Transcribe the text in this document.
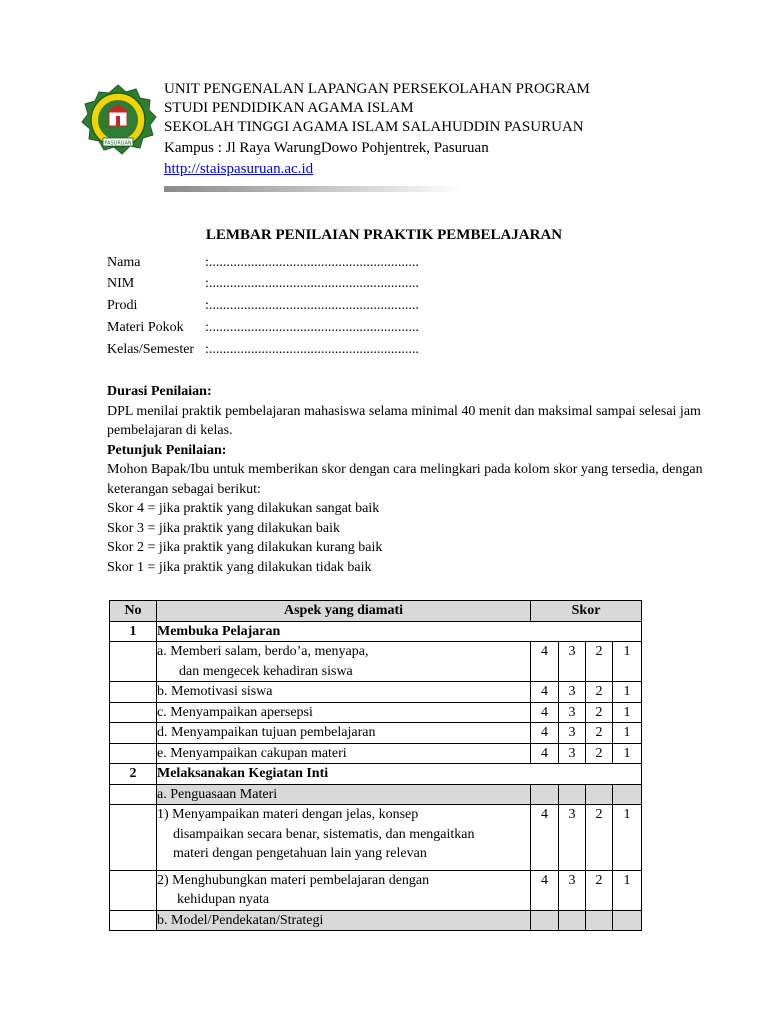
PASURUAN
UNIT PENGENALAN LAPANGAN PERSEKOLAHAN PROGRAM
STUDI PENDIDIKAN AGAMA ISLAM
SEKOLAH TINGGI AGAMA ISLAM SALAHUDDIN PASURUAN
Kampus : Jl Raya WarungDowo Pohjentrek, Pasuruan
http://staispasuruan.ac.id
LEMBAR PENILAIAN PRAKTIK PEMBELAJARAN
Nama	:............................................................
NIM	:............................................................
Prodi	:............................................................
Materi Pokok :............................................................
Kelas/Semester :............................................................
Durasi Penilaian:
DPL menilai praktik pembelajaran mahasiswa selama minimal 40 menit dan maksimal sampai selesai jam pembelajaran di kelas.
Petunjuk Penilaian:
Mohon Bapak/Ibu untuk memberikan skor dengan cara melingkari pada kolom skor yang tersedia, dengan keterangan sebagai berikut:
Skor 4 = jika praktik yang dilakukan sangat baik
Skor 3 = jika praktik yang dilakukan baik
Skor 2 = jika praktik yang dilakukan kurang baik
Skor 1 = jika praktik yang dilakukan tidak baik
No	Aspek yang diamati	Skor			
1	Membuka Pelajaran				
	a. Memberi salam, berdo’a, menyapa,
dan mengecek kehadiran siswa	4	3	2	1
	b. Memotivasi siswa	4	3	2	1
	c. Menyampaikan apersepsi	4	3	2	1
	d. Menyampaikan tujuan pembelajaran	4	3	2	1
	e. Menyampaikan cakupan materi	4	3	2	1
2	Melaksanakan Kegiatan Inti				
	a. Penguasaan Materi				
	1) Menyampaikan materi dengan jelas, konsep
disampaikan secara benar, sistematis, dan mengaitkan
materi dengan pengetahuan lain yang relevan	4	3	2	1
	2) Menghubungkan materi pembelajaran dengan
kehidupan nyata	4	3	2	1
	b. Model/Pendekatan/Strategi				
